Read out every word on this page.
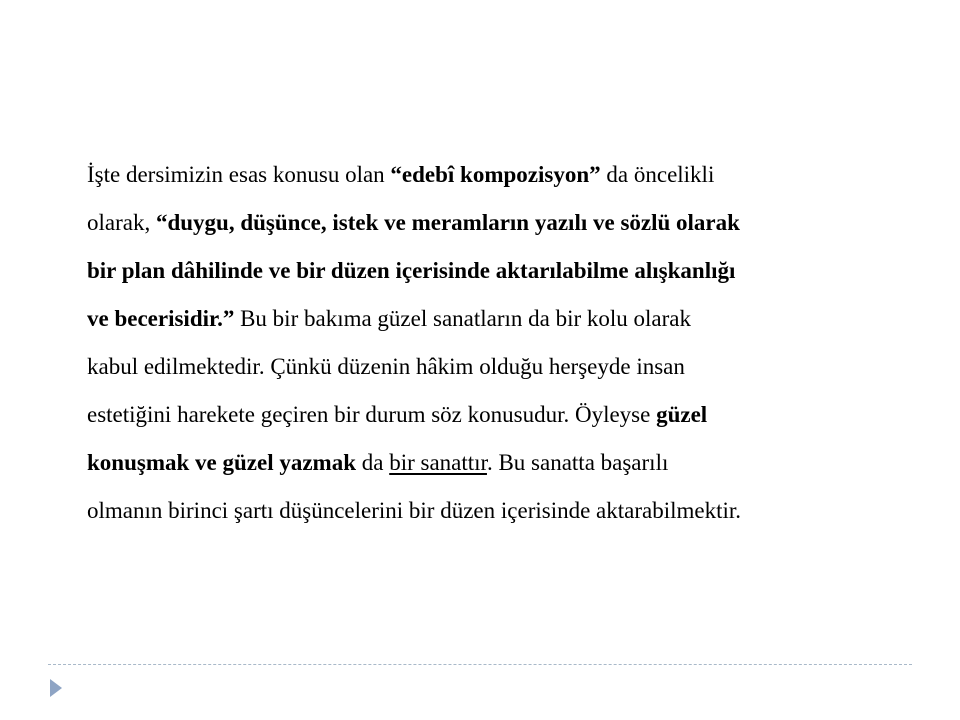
İşte dersimizin esas konusu olan “edebî kompozisyon” da öncelikli
olarak, “duygu, düşünce, istek ve meramların yazılı ve sözlü olarak
bir plan dâhilinde ve bir düzen içerisinde aktarılabilme alışkanlığı
ve becerisidir.” Bu bir bakıma güzel sanatların da bir kolu olarak
kabul edilmektedir. Çünkü düzenin hâkim olduğu herşeyde insan
estetiğini harekete geçiren bir durum söz konusudur. Öyleyse güzel
konuşmak ve güzel yazmak da bir sanattır. Bu sanatta başarılı
olmanın birinci şartı düşüncelerini bir düzen içerisinde aktarabilmektir.
